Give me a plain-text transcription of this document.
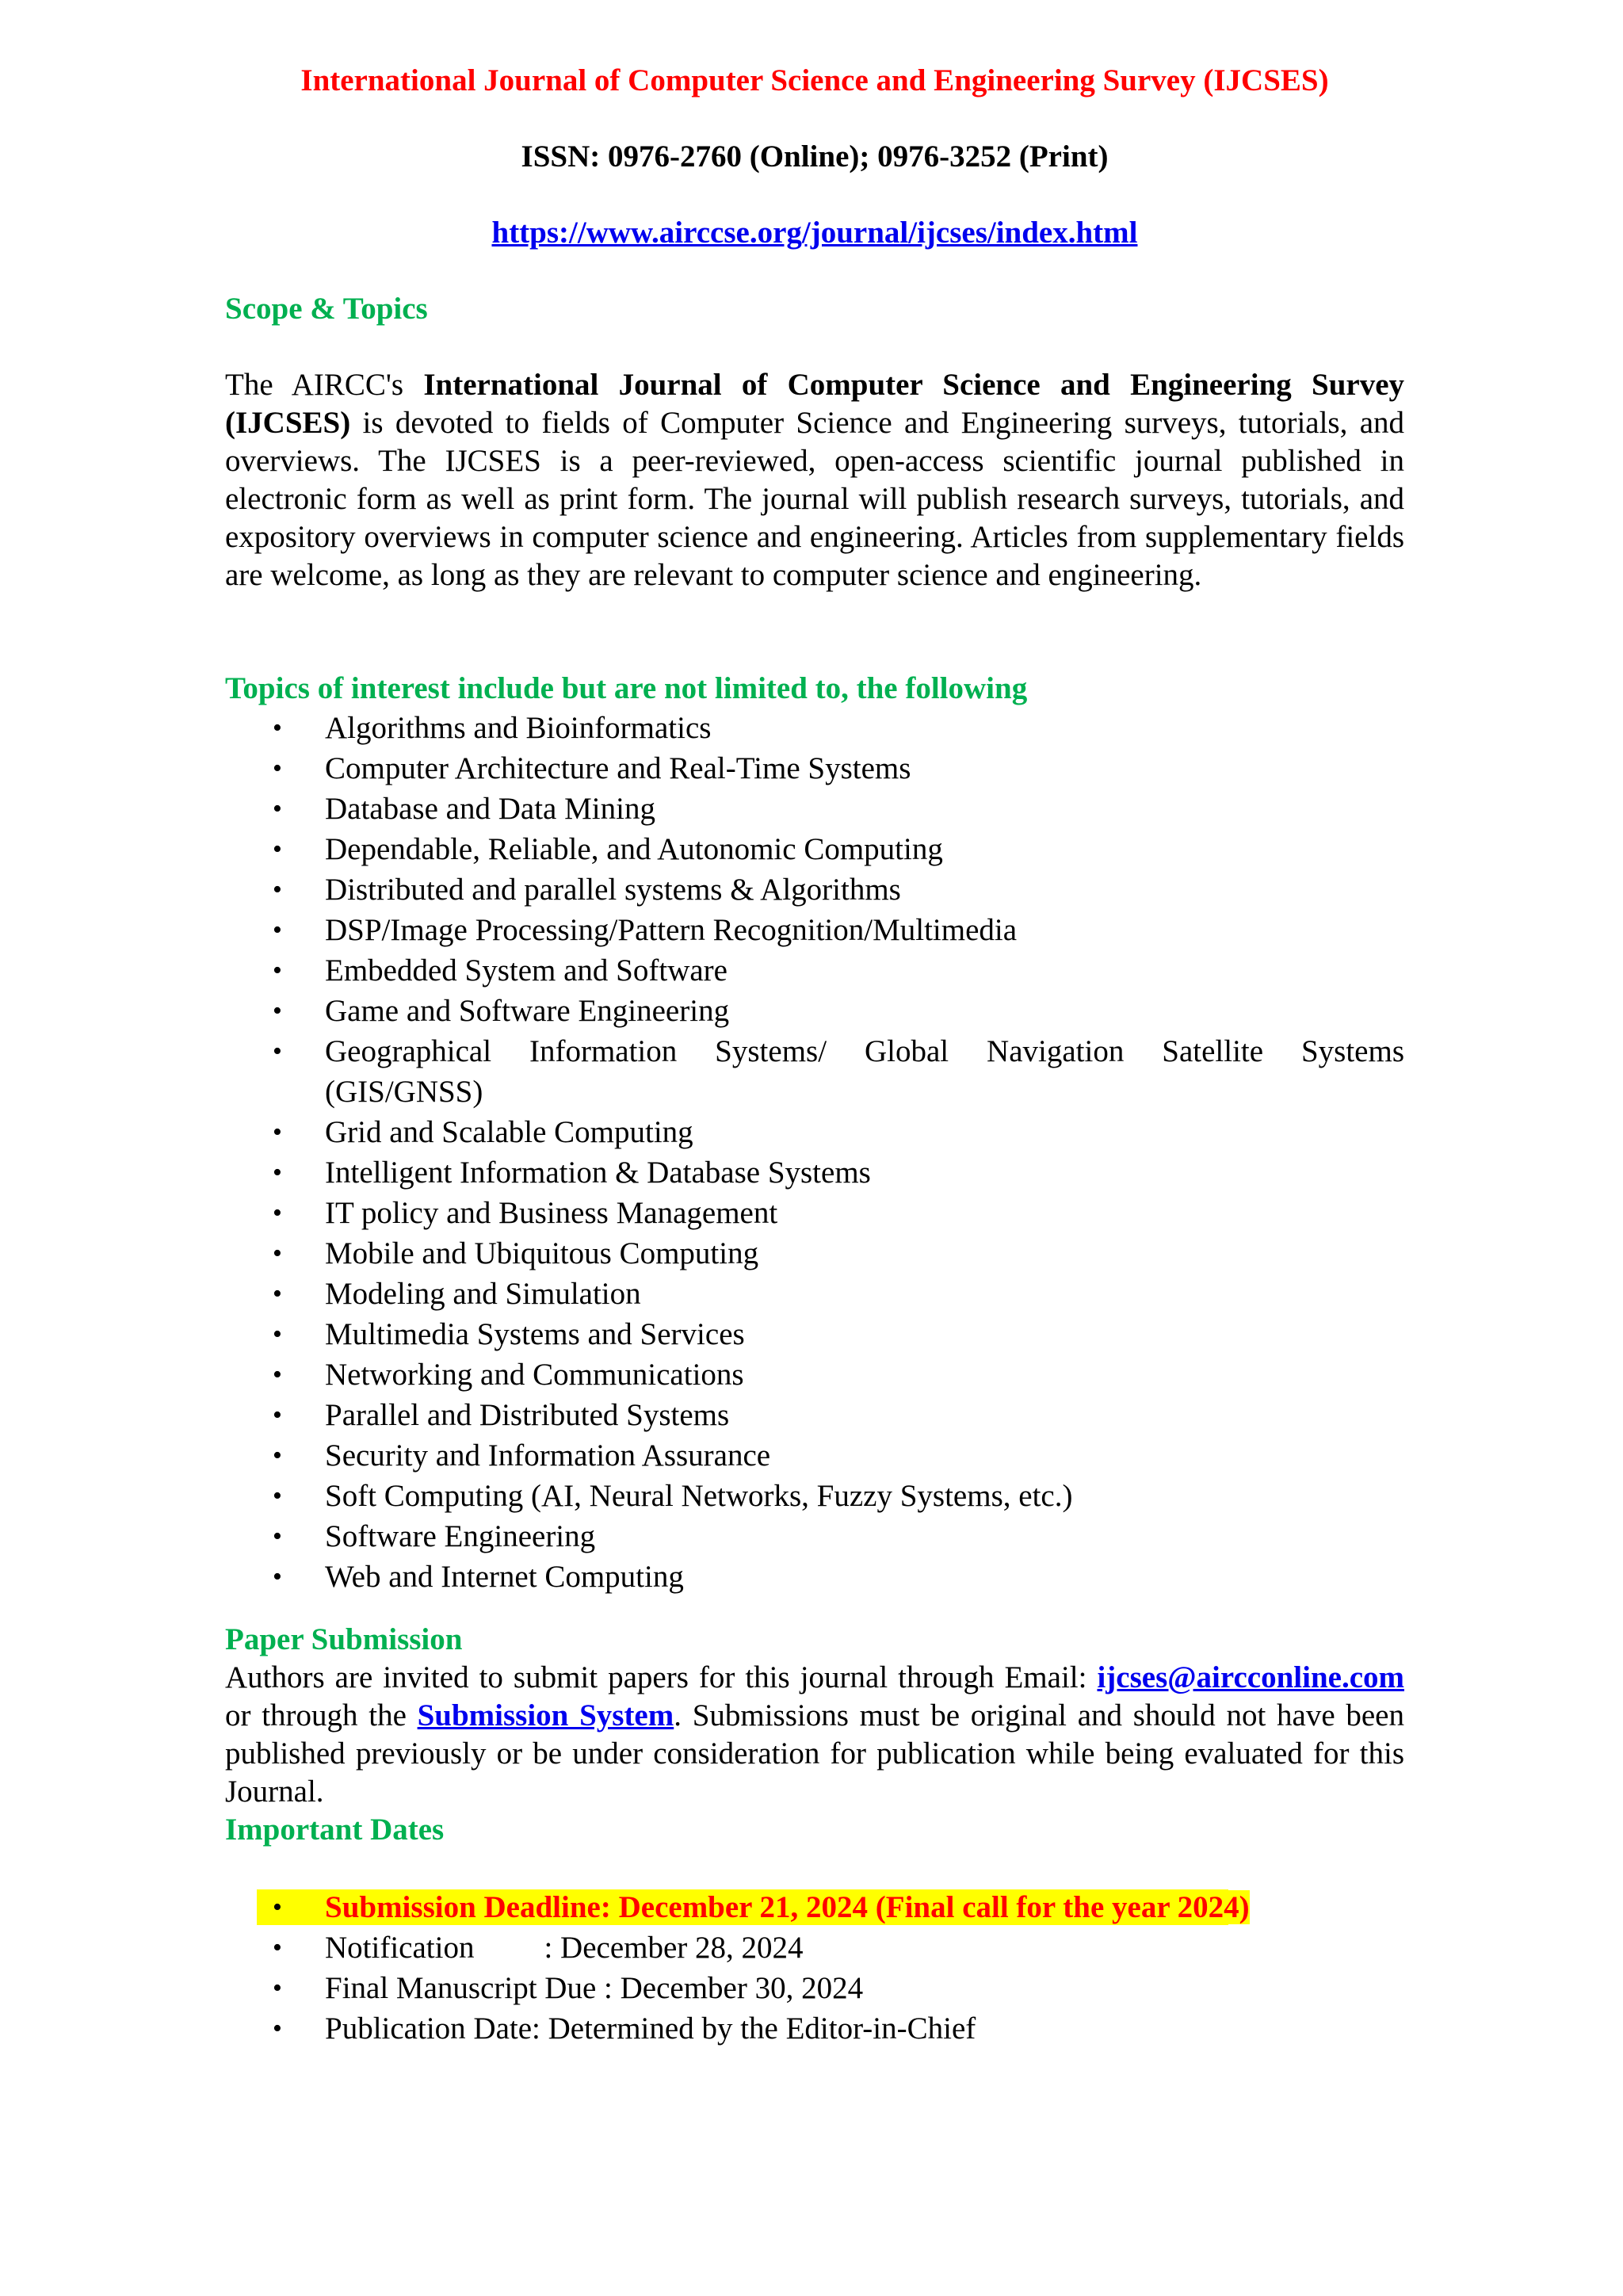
International Journal of Computer Science and Engineering Survey (IJCSES)
ISSN: 0976-2760 (Online); 0976-3252 (Print)
https://www.airccse.org/journal/ijcses/index.html
Scope & Topics
The AIRCC's International Journal of Computer Science and Engineering Survey (IJCSES) is devoted to fields of Computer Science and Engineering surveys, tutorials, and overviews. The IJCSES is a peer-reviewed, open-access scientific journal published in electronic form as well as print form. The journal will publish research surveys, tutorials, and expository overviews in computer science and engineering. Articles from supplementary fields are welcome, as long as they are relevant to computer science and engineering.
Topics of interest include but are not limited to, the following
• Algorithms and Bioinformatics
• Computer Architecture and Real-Time Systems
• Database and Data Mining
• Dependable, Reliable, and Autonomic Computing
• Distributed and parallel systems & Algorithms
• DSP/Image Processing/Pattern Recognition/Multimedia
• Embedded System and Software
• Game and Software Engineering
• Geographical Information Systems/ Global Navigation Satellite Systems
(GIS/GNSS)
• Grid and Scalable Computing
• Intelligent Information & Database Systems
• IT policy and Business Management
• Mobile and Ubiquitous Computing
• Modeling and Simulation
• Multimedia Systems and Services
• Networking and Communications
• Parallel and Distributed Systems
• Security and Information Assurance
• Soft Computing (AI, Neural Networks, Fuzzy Systems, etc.)
• Software Engineering
• Web and Internet Computing
Paper Submission
Authors are invited to submit papers for this journal through Email: ijcses@aircconline.com or through the Submission System. Submissions must be original and should not have been published previously or be under consideration for publication while being evaluated for this Journal.
Important Dates
• Submission Deadline: December 21, 2024 (Final call for the year 2024)
• Notification : December 28, 2024
• Final Manuscript Due : December 30, 2024
• Publication Date: Determined by the Editor-in-Chief
